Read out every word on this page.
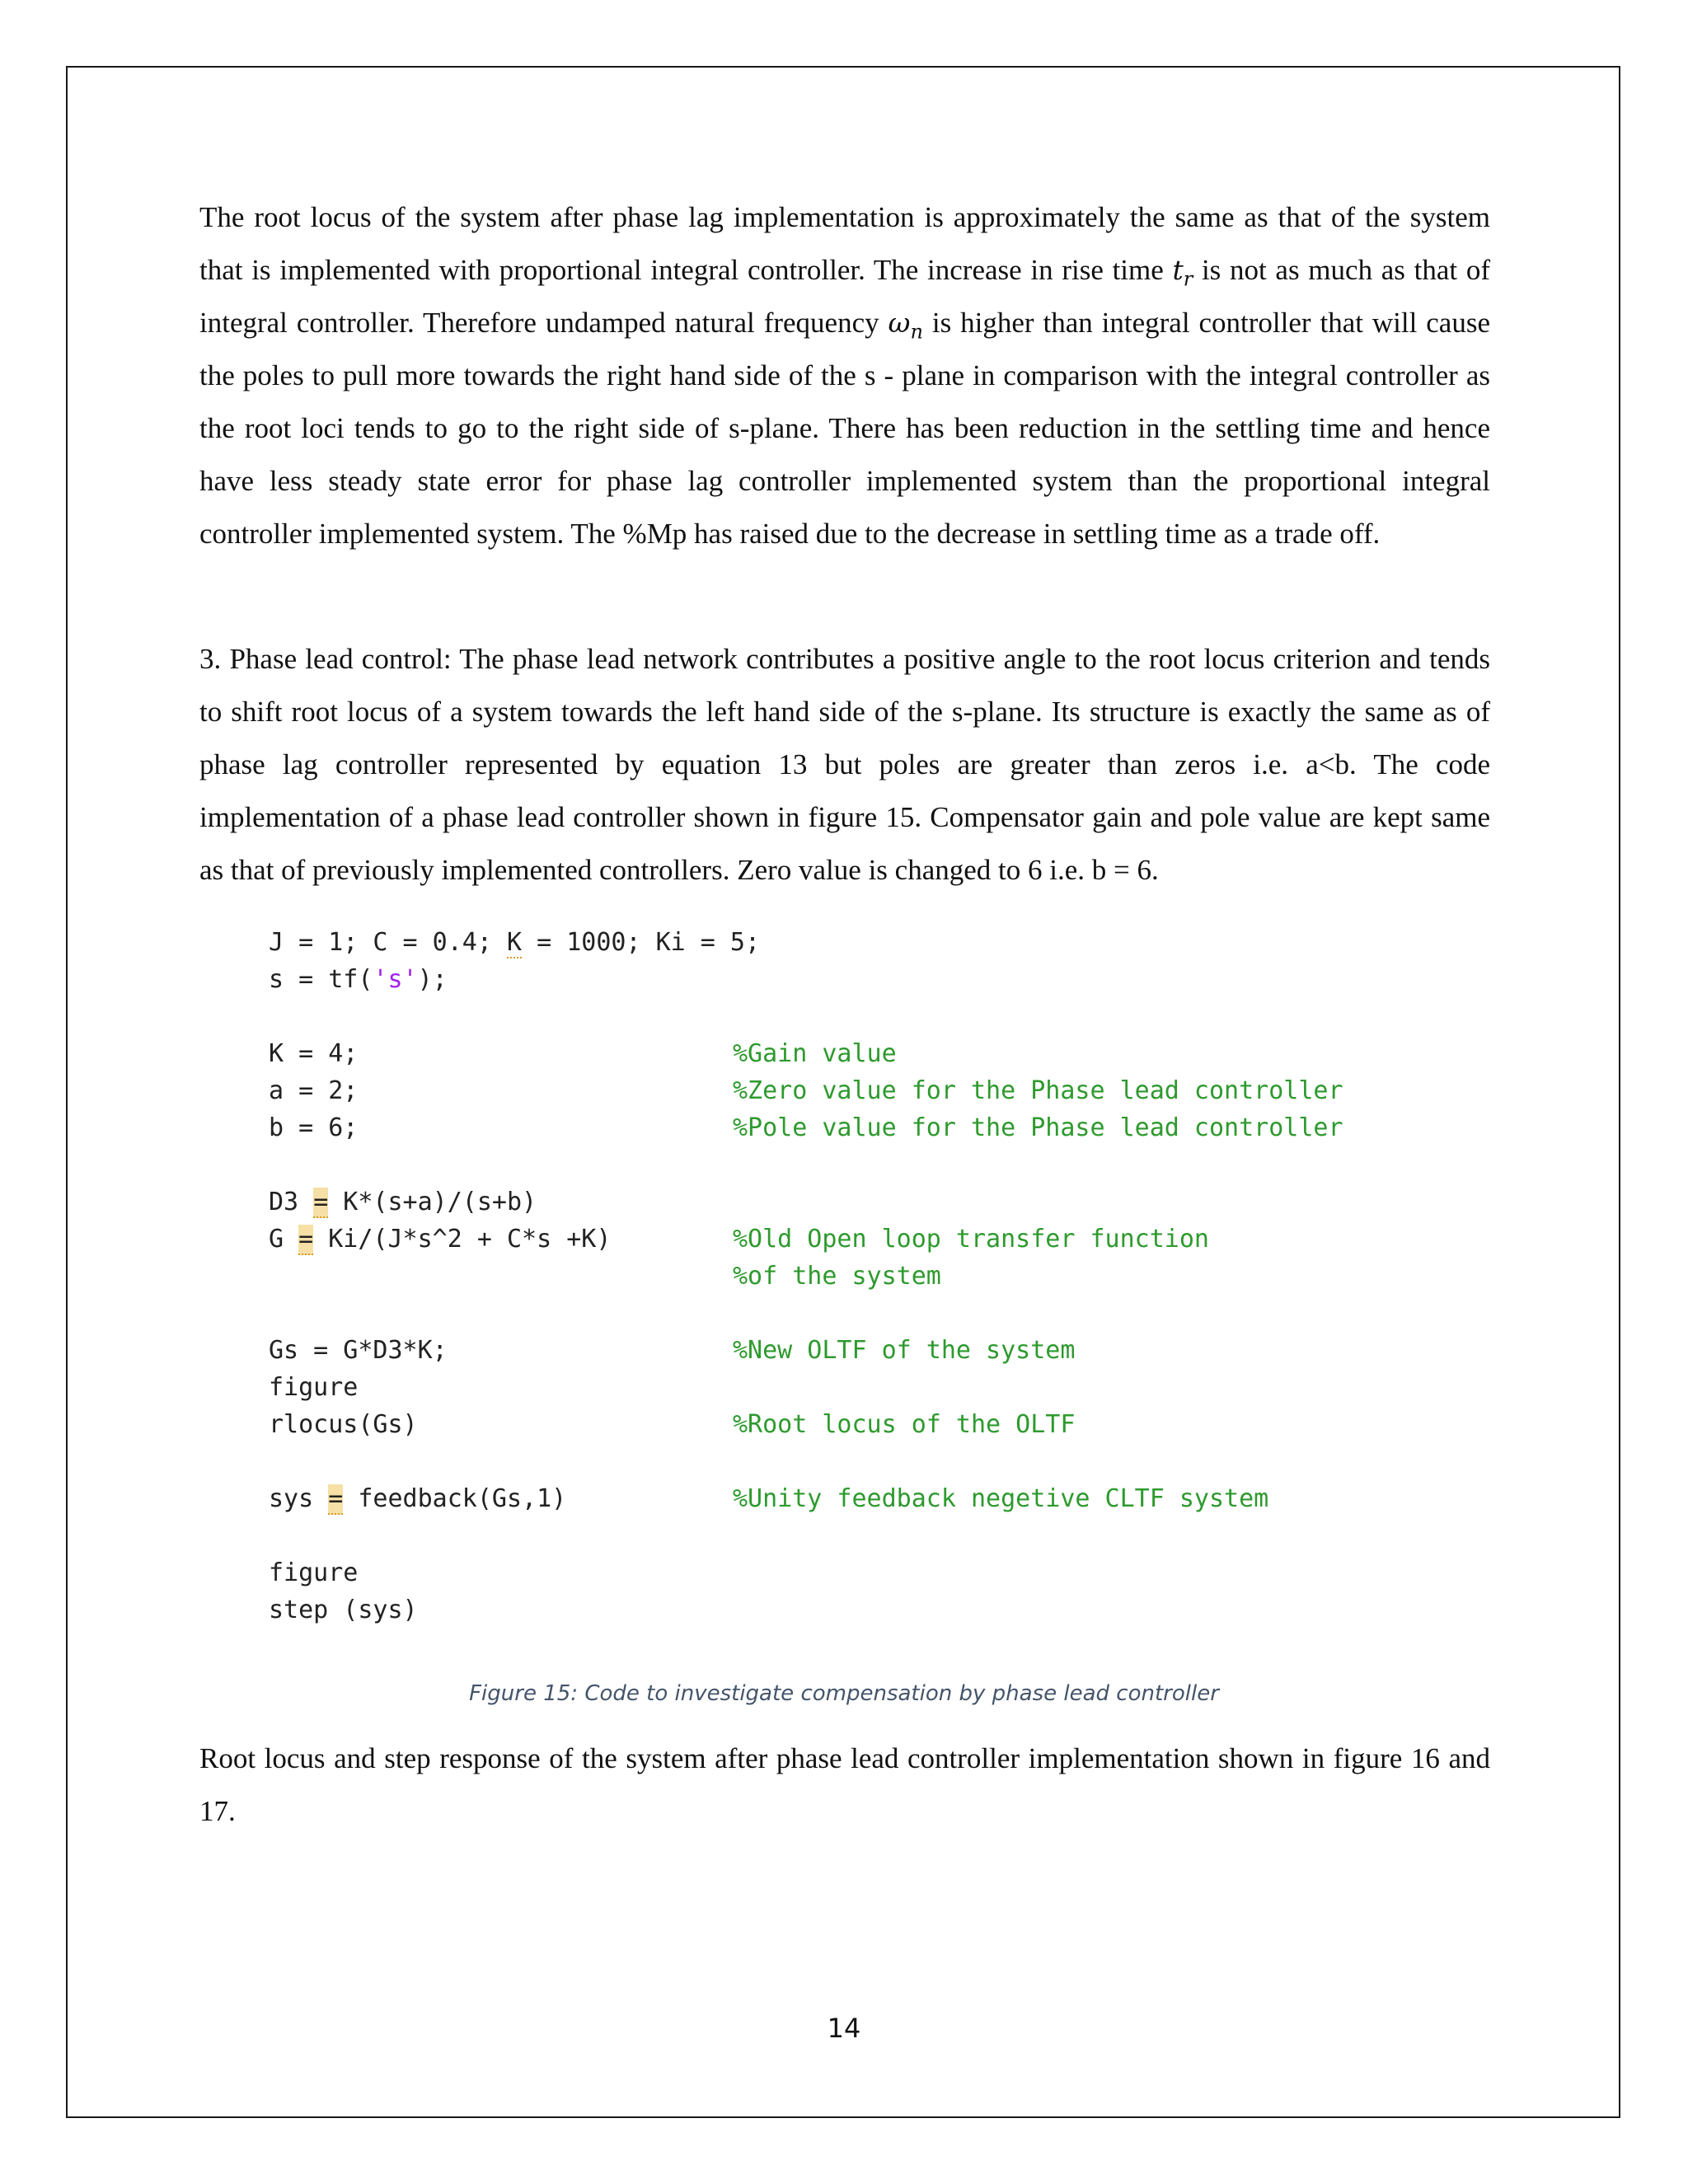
The root locus of the system after phase lag implementation is approximately the same as that of the system that is implemented with proportional integral controller. The increase in rise time $t_r$ is not as much as that of integral controller. Therefore undamped natural frequency $\omega_n$ is higher than integral controller that will cause the poles to pull more towards the right hand side of the s - plane in comparison with the integral controller as the root loci tends to go to the right side of s-plane. There has been reduction in the settling time and hence have less steady state error for phase lag controller implemented system than the proportional integral controller implemented system. The %Mp has raised due to the decrease in settling time as a trade off.

3. Phase lead control: The phase lead network contributes a positive angle to the root locus criterion and tends to shift root locus of a system towards the left hand side of the s-plane. Its structure is exactly the same as of phase lag controller represented by equation 13 but poles are greater than zeros i.e. a<b. The code implementation of a phase lead controller shown in figure 15. Compensator gain and pole value are kept same as that of previously implemented controllers. Zero value is changed to 6 i.e. b = 6.

J = 1; C = 0.4; K = 1000; Ki = 5;
s = tf('s');
K = 4;	%Gain value
a = 2;	%Zero value for the Phase lead controller
b = 6;	%Pole value for the Phase lead controller
D3 = K*(s+a)/(s+b)
G = Ki/(J*s^2 + C*s +K)	%Old Open loop transfer function
%of the system
Gs = G*D3*K;	%New OLTF of the system
figure
rlocus(Gs)	%Root locus of the OLTF
sys = feedback(Gs,1)	%Unity feedback negetive CLTF system
figure
step (sys)
Figure 15: Code to investigate compensation by phase lead controller

Root locus and step response of the system after phase lead controller implementation shown in figure 16 and 17.

14
